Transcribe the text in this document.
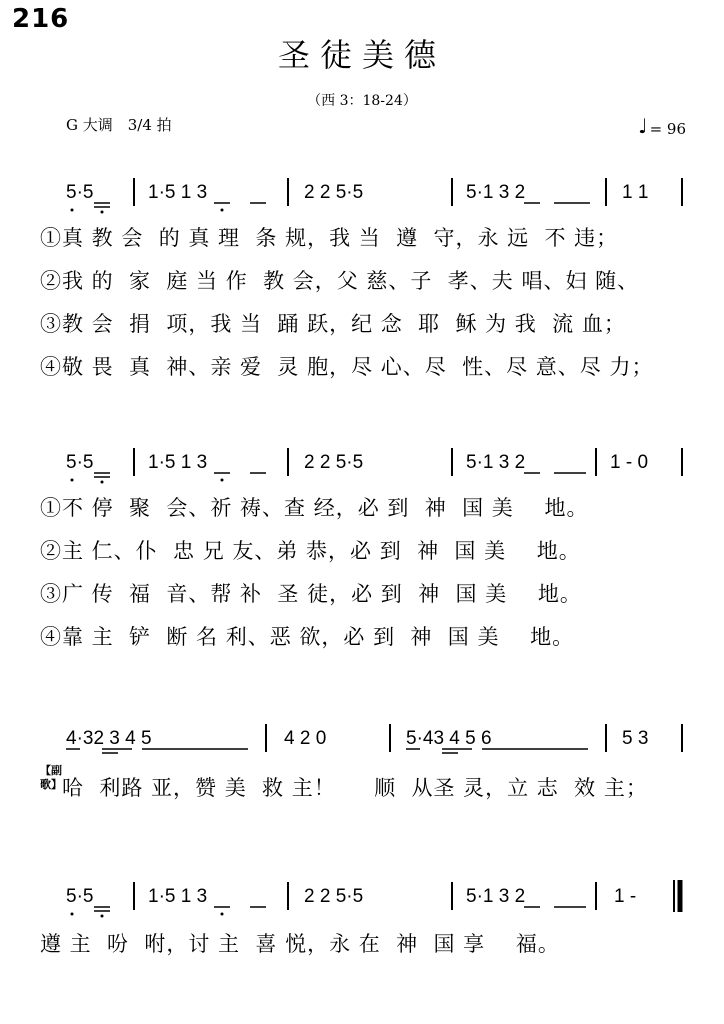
216
圣徒美德
（西 3：18-24）
G 大调　3/4 拍	♩ = 96
5·5	1·5 1 3	2 2 5·5	5·1 3 2	1 1
①真 教 会  的 真 理  条 规，我 当  遵  守，永 远  不 违；
②我 的  家  庭 当 作  教 会，父 慈、子  孝、夫 唱、妇 随、
③教 会  捐  项，我 当  踊 跃，纪 念  耶  稣 为 我  流 血；
④敬 畏  真  神、亲 爱  灵 胞，尽 心、尽  性、尽 意、尽 力；
5·5	1·5 1 3	2 2 5·5	5·1 3 2	1 - 0
①不 停  聚  会、祈 祷、查 经，必 到  神  国 美    地。
②主 仁、仆  忠 兄 友、弟 恭，必 到  神  国 美    地。
③广 传  福  音、帮 补  圣 徒，必 到  神  国 美    地。
④靠 主  铲  断 名 利、恶 欲，必 到  神  国 美    地。
4·32 3 4 5	4 2 0	5·43 4 5 6	5 3
【副歌】 哈  利路 亚，赞 美  救 主！     顺  从圣 灵，立 志  效 主；
5·5	1·5 1 3	2 2 5·5	5·1 3 2	1 -
遵 主  吩  咐，讨 主  喜 悦，永 在  神  国 享    福。
